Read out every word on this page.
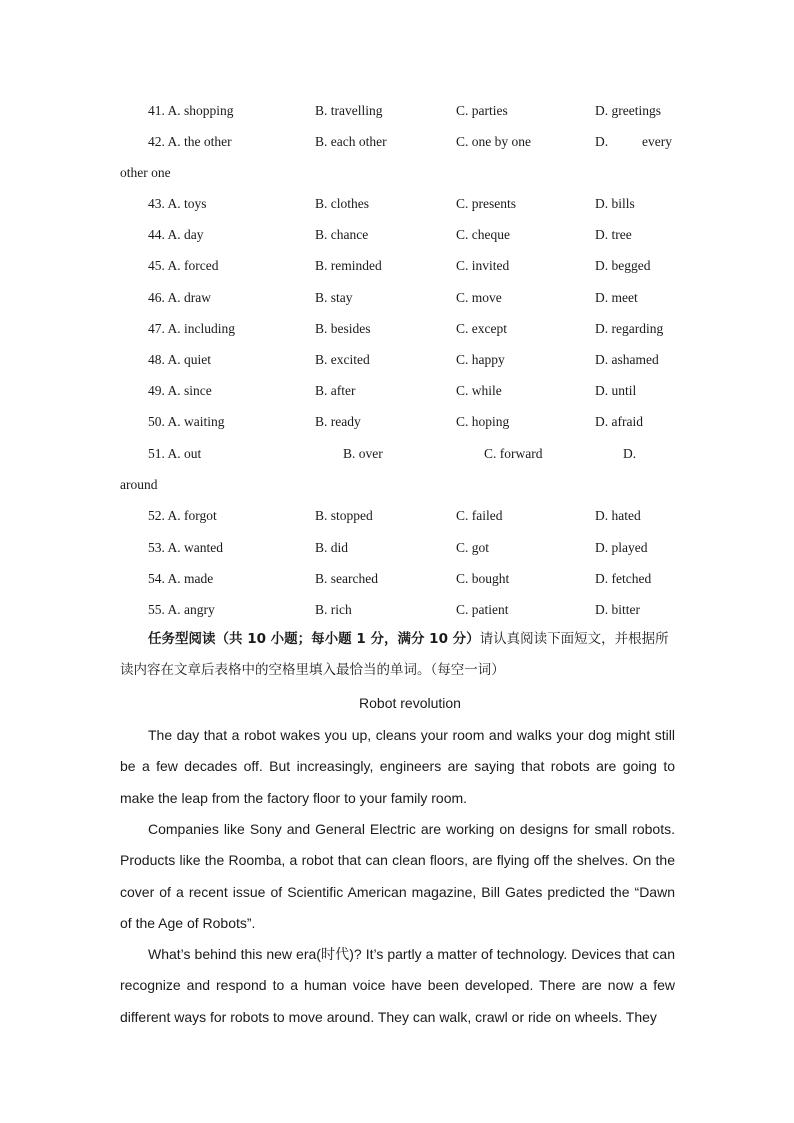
41. A. shopping	B. travelling	C. parties	D. greetings
42. A. the other	B. each other	C. one by one	D.	every
other one
43. A. toys	B. clothes	C. presents	D. bills
44. A. day	B. chance	C. cheque	D. tree
45. A. forced	B. reminded	C. invited	D. begged
46. A. draw	B. stay	C. move	D. meet
47. A. including	B. besides	C. except	D. regarding
48. A. quiet	B. excited	C. happy	D. ashamed
49. A. since	B. after	C. while	D. until
50. A. waiting	B. ready	C. hoping	D. afraid
51. A. out	B. over	C. forward	D.
around
52. A. forgot	B. stopped	C. failed	D. hated
53. A. wanted	B. did	C. got	D. played
54. A. made	B. searched	C. bought	D. fetched
55. A. angry	B. rich	C. patient	D. bitter
任务型阅读（共 10 小题；每小题 1 分，满分 10 分）请认真阅读下面短文，并根据所读内容在文章后表格中的空格里填入最恰当的单词。（每空一词）
Robot revolution

The day that a robot wakes you up, cleans your room and walks your dog might still be a few decades off. But increasingly, engineers are saying that robots are going to make the leap from the factory floor to your family room.

Companies like Sony and General Electric are working on designs for small robots. Products like the Roomba, a robot that can clean floors, are flying off the shelves. On the cover of a recent issue of Scientific American magazine, Bill Gates predicted the “Dawn of the Age of Robots”.

What’s behind this new era(时代)? It’s partly a matter of technology. Devices that can recognize and respond to a human voice have been developed. There are now a few different ways for robots to move around. They can walk, crawl or ride on wheels. They
